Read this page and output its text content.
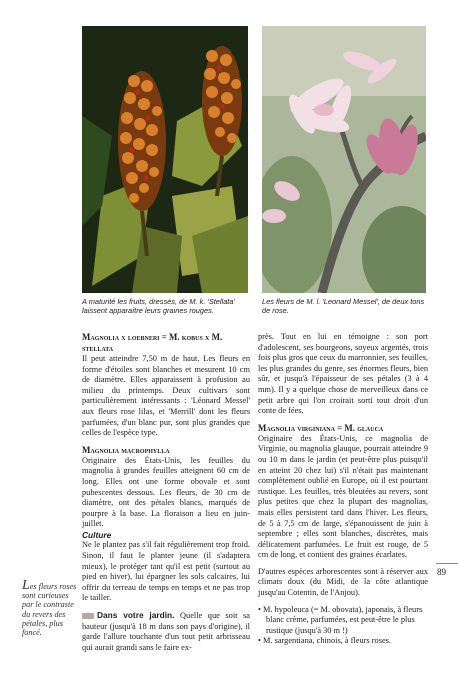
A maturité les fruits, dressés, de M. k. 'Stellata' laissent apparaître leurs graines rouges.
Les fleurs de M. l. 'Leonard Messel', de deux tons de rose.

Magnolia x loebneri = M. kobus x M. stellata

Il peut atteindre 7,50 m de haut. Les fleurs en forme d'étoiles sont blanches et mesurent 10 cm de diamètre. Elles apparaissent à profusion au milieu du printemps. Deux cultivars sont particulièrement intéressants : 'Léonard Messel' aux fleurs rose lilas, et 'Merrill' dont les fleurs parfumées, d'un blanc pur, sont plus grandes que celles de l'espèce type.

Magnolia macrophylla

Originaire des États-Unis, les feuilles du magnolia à grandes feuilles atteignent 60 cm de long. Elles ont une forme obovale et sont pubescentes dessous. Les fleurs, de 30 cm de diamètre, ont des pétales blancs, marqués de pourpre à la base. La floraison a lieu en juin-juillet.

Culture

Ne le plantez pas s'il fait régulièrement trop froid. Sinon, il faut le planter jeune (il s'adaptera mieux), le protéger tant qu'il est petit (surtout au pied en hiver), lui épargner les sols calcaires, lui offrir du terreau de temps en temps et ne pas trop le tailler.

Dans votre jardin. Quelle que soit sa hauteur (jusqu'à 18 m dans son pays d'origine), il garde l'allure touchante d'un tout petit arbrisseau qui aurait grandi sans le faire ex-

près. Tout en lui en témoigne : son port d'adolescent, ses bourgeons, soyeux argentés, trois fois plus gros que ceux du marronnier, ses feuilles, les plus grandes du genre, ses énormes fleurs, bien sûr, et jusqu'à l'épaisseur de ses pétales (3 à 4 mm). Il y a quelque chose de merveilleux dans ce petit arbre qui l'on croirait sorti tout droit d'un conte de fées.

Magnolia virginiana = M. glauca

Originaire des États-Unis, ce magnolia de Virginie, ou magnolia glauque, pourrait atteindre 9 ou 10 m dans le jardin (et peut-être plus puisqu'il en atteint 20 chez lui) s'il n'était pas maintenant complètement oublié en Europe, où il est pourtant rustique. Les feuilles, très bleutées au revers, sont plus petites que chez la plupart des magnolias, mais elles persistent tard dans l'hiver. Les fleurs, de 5 à 7,5 cm de large, s'épanouissent de juin à septembre ; elles sont blanches, discrètes, mais délicatement parfumées. Le fruit est rouge, de 5 cm de long, et contient des graines écarlates.

D'autres espèces arborescentes sont à réserver aux climats doux (du Midi, de la côte atlantique jusqu'au Cotentin, de l'Anjou).

• M. hypoleuca (= M. obovata), japonais, à fleurs blanc crème, parfumées, est peut-être le plus rustique (jusqu'à 30 m !)

• M. sargentiana, chinois, à fleurs roses.

Les fleurs roses sont curieuses par le contraste du revers des pétales, plus foncé.
89
